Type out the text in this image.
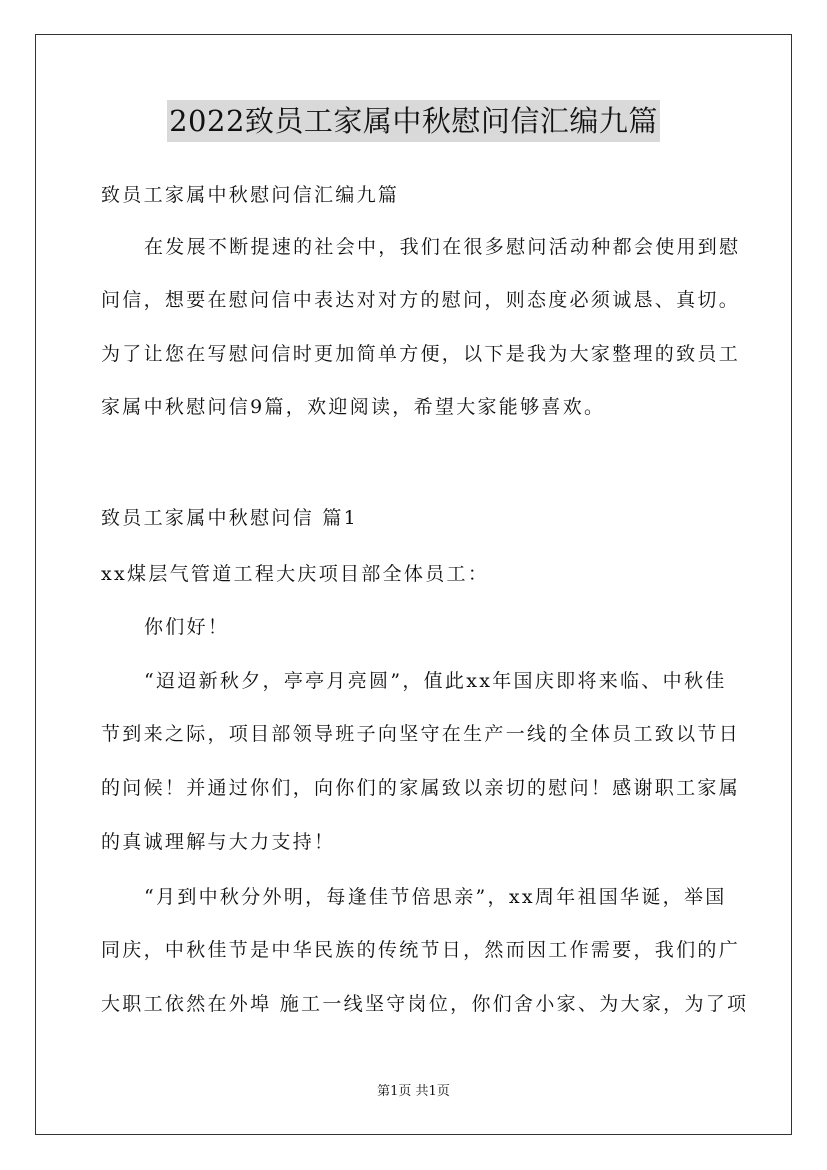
2022致员工家属中秋慰问信汇编九篇
致员工家属中秋慰问信汇编九篇
在发展不断提速的社会中，我们在很多慰问活动种都会使用到慰
问信，想要在慰问信中表达对对方的慰问，则态度必须诚恳、真切。
为了让您在写慰问信时更加简单方便，以下是我为大家整理的致员工
家属中秋慰问信9篇，欢迎阅读，希望大家能够喜欢。
致员工家属中秋慰问信 篇1
xx煤层气管道工程大庆项目部全体员工：
你们好！
“迢迢新秋夕，亭亭月亮圆”，值此xx年国庆即将来临、中秋佳
节到来之际，项目部领导班子向坚守在生产一线的全体员工致以节日
的问候！并通过你们，向你们的家属致以亲切的慰问！感谢职工家属
的真诚理解与大力支持！
“月到中秋分外明，每逢佳节倍思亲”，xx周年祖国华诞，举国
同庆，中秋佳节是中华民族的传统节日，然而因工作需要，我们的广
大职工依然在外埠 施工一线坚守岗位，你们舍小家、为大家，为了项
第1页 共1页
